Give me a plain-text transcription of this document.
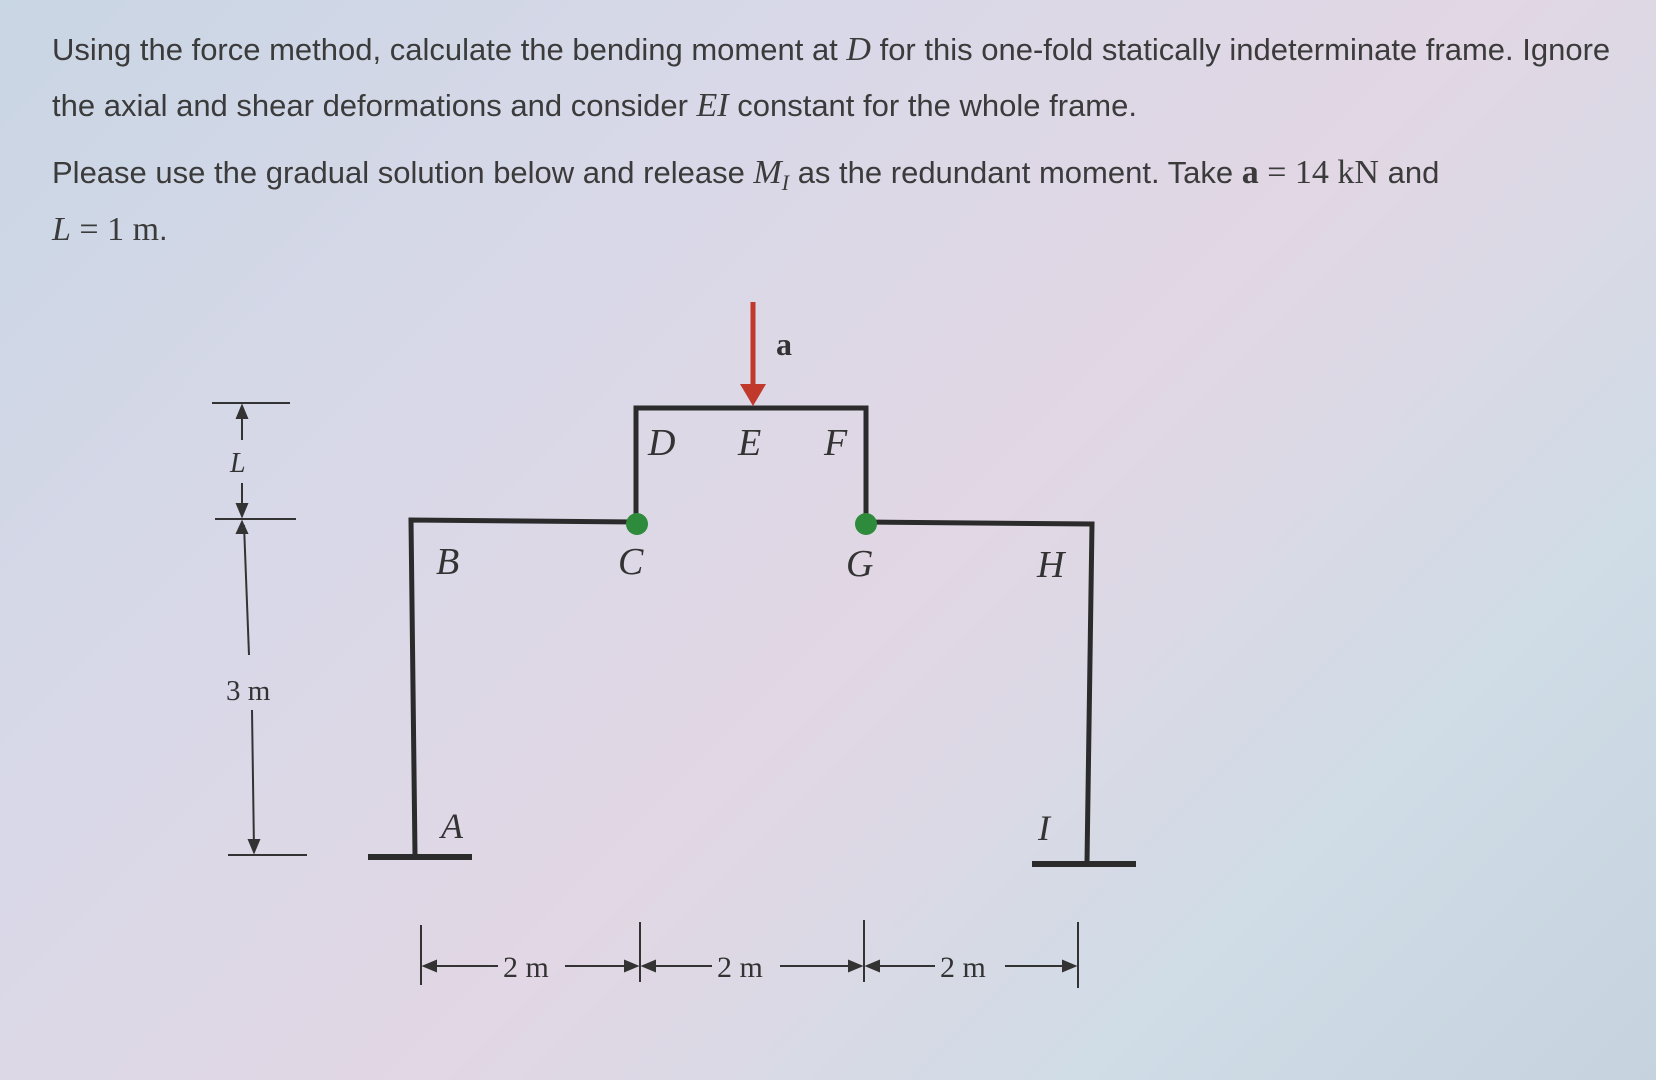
Using the force method, calculate the bending moment at D for this one-fold statically indeterminate frame. Ignore the axial and shear deformations and consider EI constant for the whole frame.

Please use the gradual solution below and release $M_I$ as the redundant moment. Take a = 14 kN and
L = 1 m.

a
D E F
B	C	G	H
A	I
L
3 m
2 m	2 m	2 m
